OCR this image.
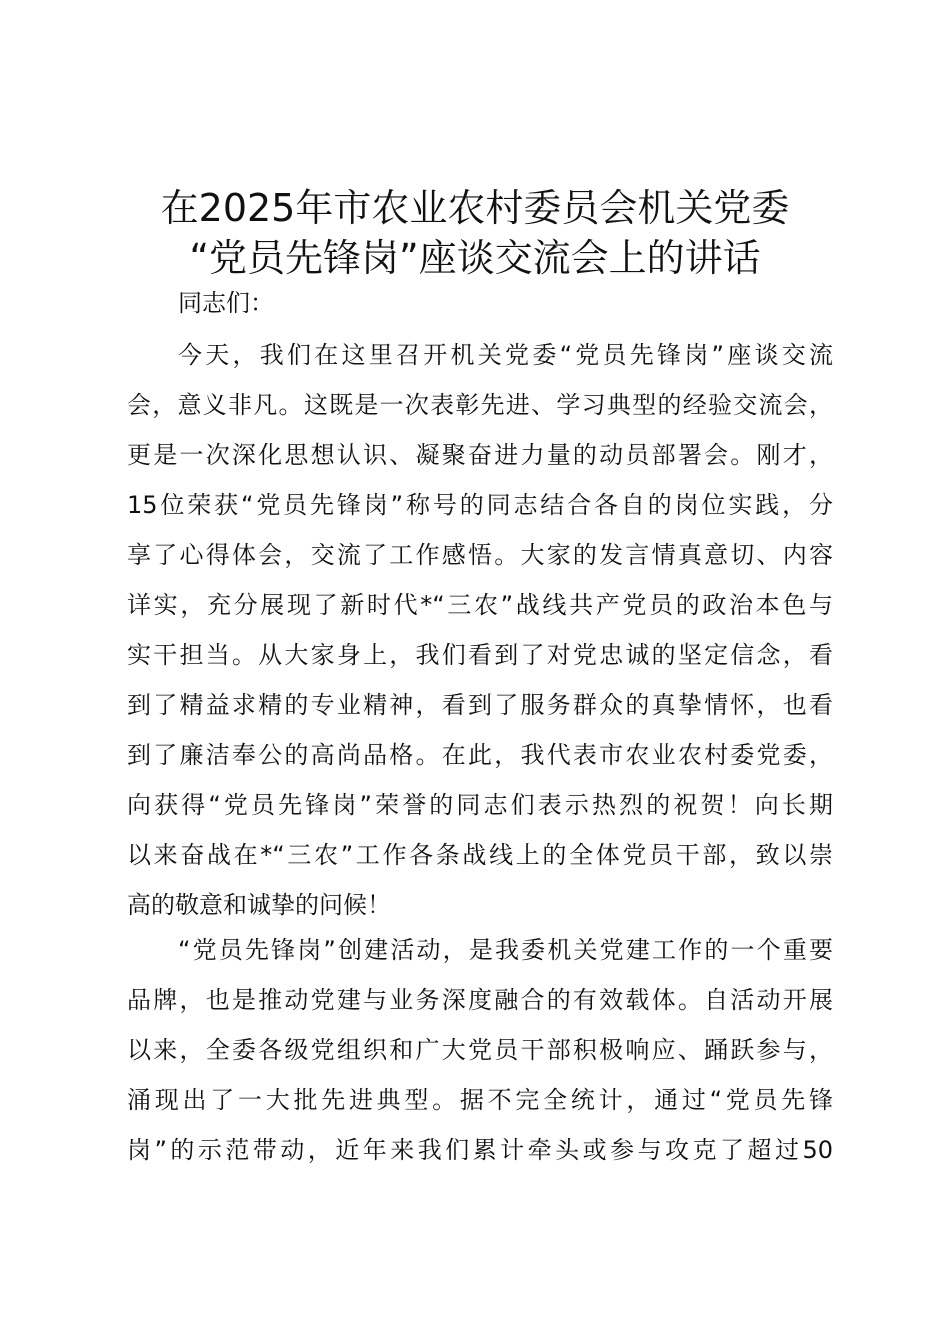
在2025年市农业农村委员会机关党委
“党员先锋岗”座谈交流会上的讲话
同志们：
今天，我们在这里召开机关党委“党员先锋岗”座谈交流
会，意义非凡。这既是一次表彰先进、学习典型的经验交流会，
更是一次深化思想认识、凝聚奋进力量的动员部署会。刚才，
15位荣获“党员先锋岗”称号的同志结合各自的岗位实践，分
享了心得体会，交流了工作感悟。大家的发言情真意切、内容
详实，充分展现了新时代*“三农”战线共产党员的政治本色与
实干担当。从大家身上，我们看到了对党忠诚的坚定信念，看
到了精益求精的专业精神，看到了服务群众的真挚情怀，也看
到了廉洁奉公的高尚品格。在此，我代表市农业农村委党委，
向获得“党员先锋岗”荣誉的同志们表示热烈的祝贺！向长期
以来奋战在*“三农”工作各条战线上的全体党员干部，致以崇
高的敬意和诚挚的问候！
“党员先锋岗”创建活动，是我委机关党建工作的一个重要
品牌，也是推动党建与业务深度融合的有效载体。自活动开展
以来，全委各级党组织和广大党员干部积极响应、踊跃参与，
涌现出了一大批先进典型。据不完全统计，通过“党员先锋
岗”的示范带动，近年来我们累计牵头或参与攻克了超过50
